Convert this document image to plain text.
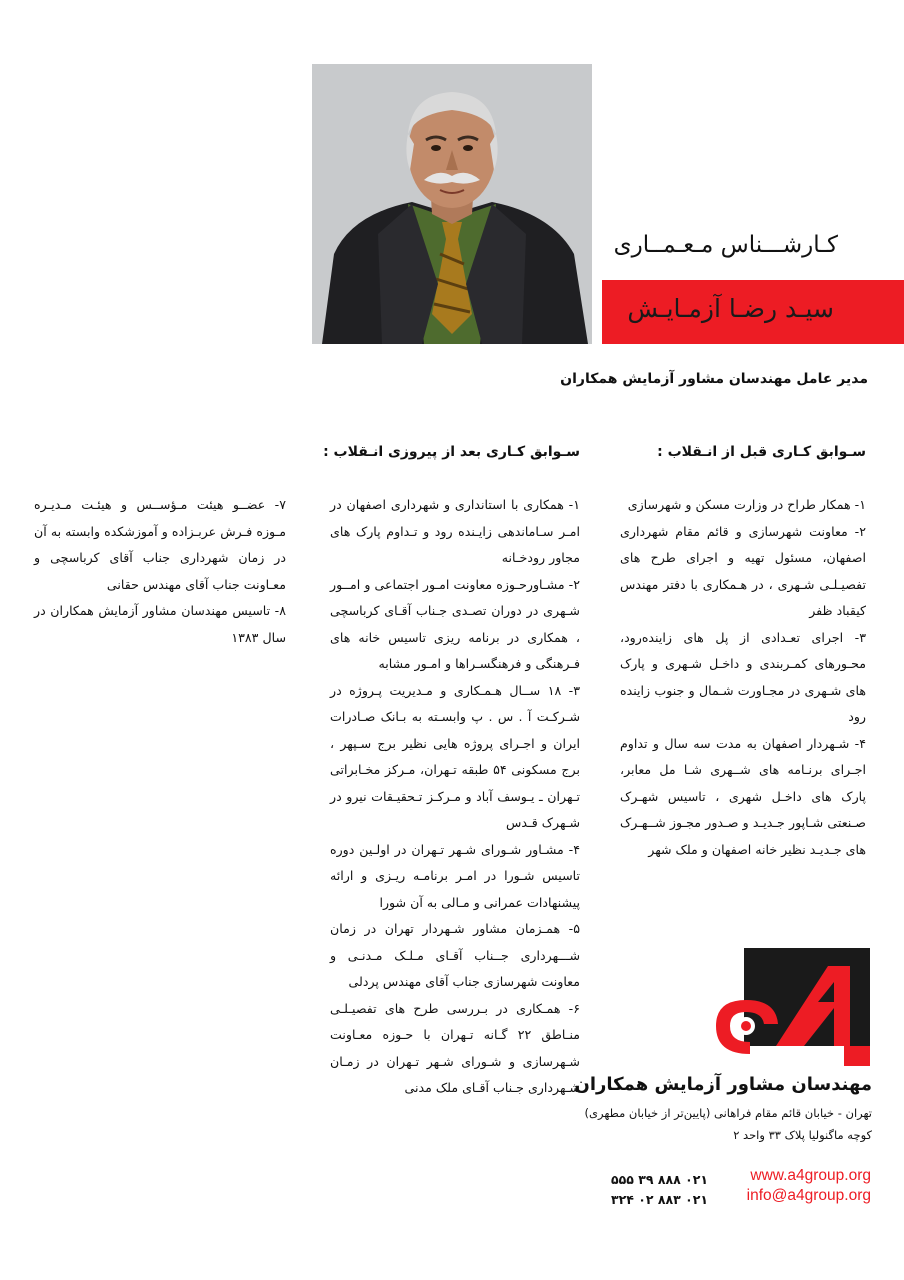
کـارشـــناس مـعـمــاری
سیـد رضـا آزمـایـش
مدیر عامل مهندسان مشاور آزمایش همکاران
سـوابق کـاری قبل از انـقلاب :
سـوابق کـاری بعد از پیروزی انـقلاب :

۱- همکار طراح در وزارت مسکن و شهرسازی

۲- معاونت شهرسازی و قائم مقام شهرداری اصفهان، مسئول تهیه و اجرای طرح های تفصیـلـی شـهری ، در هـمکاری با دفتر مهندس کیقباد ظفر

۳- اجرای تعـدادی از پل های زاینده‌رود، محـورهای کمـربندی و داخـل شـهری و پارک های شـهری در مجـاورت شـمال و جنوب زاینده رود

۴- شـهردار اصفهان به مدت سه سال و تداوم اجـرای برنـامه های شــهری شـا مل معابر، پارک های داخـل شهری ، تاسیس شهـرک صـنعتی شـاپور جـدیـد و صـدور مجـوز شــهـرک های جـدیـد نظیر خانه اصفهان و ملک شهر

۱- همکاری با استانداری و شهرداری اصفهان در امـر سـاماندهی زایـنده رود و تـداوم پارک های مجاور رودخـانه

۲- مشـاورحـوزه معاونت امـور اجتماعی و امــور شـهری در دوران تصـدی جـناب آقـای کرباسچی ، همکاری در برنامه ریزی تاسیس خانه های فـرهنگی و فرهنگسـراها و امـور مشابه

۳- ۱۸ ســال هـمـکاری و مـدیریت پـروژه در شـرکـت آ . س . پ وابسـته به بـانک صـادرات ایران و اجـرای پروژه هایی نظیر برج سـپهر ، برج مسکونی ۵۴ طبقه تـهران، مـرکز مخـابراتی تـهران ـ یـوسف آباد و مـرکـز تـحقیـقات نیرو در شـهرک قـدس

۴- مشـاور شـورای شـهر تـهران در اولـین دوره تاسیس شـورا در امـر برنامـه ریـزی و ارائه پیشنهادات عمرانی و مـالی به آن شورا

۵- همـزمان مشاور شـهردار تهران در زمان شـــهرداری جــناب آقـای مـلـک مـدنـی و معاونت شهرسازی جناب آقای مهندس پردلی

۶- همـکاری در بـررسی طرح های تفصیـلـی منـاطق ۲۲ گـانه تـهران با حـوزه معـاونت شـهرسازی و شـورای شـهر تـهران در زمـان شـهرداری جـناب آقـای ملک مدنی

۷- عضــو هیئت مـؤســس و هیئـت مـدیـره مـوزه فـرش عربـزاده و آموزشکده وابسته به آن در زمان شهرداری جناب آقای کرباسچی و معـاونت جناب آقای مهندس حقانی

۸- تاسیس مهندسان مشاور آزمایش همکاران در سال ۱۳۸۳

مهندسان مشاور آزمایش همکاران
تهران - خیابان قائم مقام فراهانی (پایین‌تر از خیابان مطهری)
کوچه ماگنولیا پلاک ۳۳ واحد ۲
۰۲۱ ۸۸۸ ۳۹ ۵۵۵
۰۲۱ ۸۸۳ ۰۲ ۳۲۴
www.a4group.org
info@a4group.org
